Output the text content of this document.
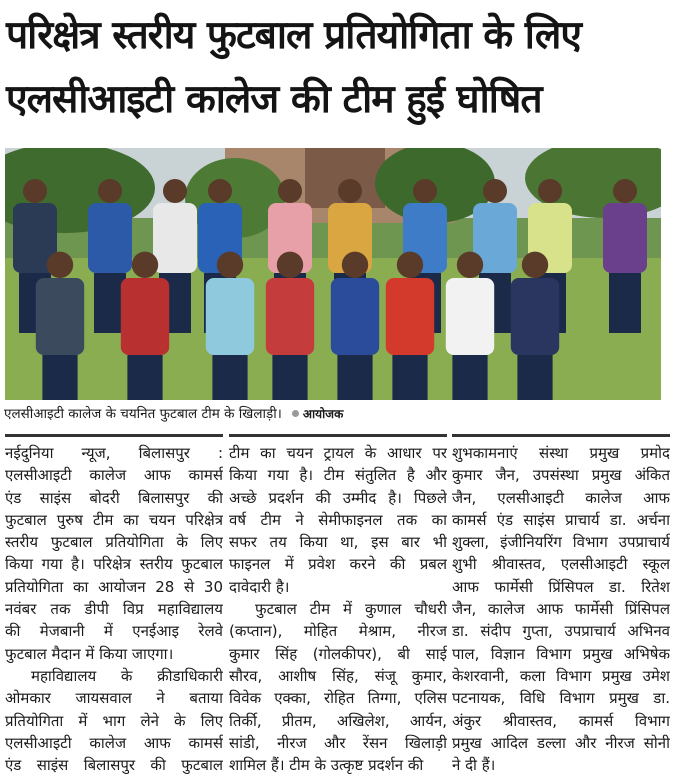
परिक्षेत्र स्तरीय फुटबाल प्रतियोगिता के लिए
एलसीआइटी कालेज की टीम हुई घोषित
एलसीआइटी कालेज के चयनित फुटबाल टीम के खिलाड़ी। आयोजक
नईदुनिया न्यूज, बिलासपुर :
एलसीआइटी कालेज आफ कामर्स
एंड साइंस बोदरी बिलासपुर की
फुटबाल पुरुष टीम का चयन परिक्षेत्र
स्तरीय फुटबाल प्रतियोगिता के लिए
किया गया है। परिक्षेत्र स्तरीय फुटबाल
प्रतियोगिता का आयोजन 28 से 30
नवंबर तक डीपी विप्र महाविद्यालय
की मेजबानी में एनईआइ रेलवे
फुटबाल मैदान में किया जाएगा।
महाविद्यालय के क्रीडाधिकारी
ओमकार जायसवाल ने बताया
प्रतियोगिता में भाग लेने के लिए
एलसीआइटी कालेज आफ कामर्स
एंड साइंस बिलासपुर की फुटबाल
टीम का चयन ट्रायल के आधार पर
किया गया है। टीम संतुलित है और
अच्छे प्रदर्शन की उम्मीद है। पिछले
वर्ष टीम ने सेमीफाइनल तक का
सफर तय किया था, इस बार भी
फाइनल में प्रवेश करने की प्रबल
दावेदारी है।
फुटबाल टीम में कुणाल चौधरी
(कप्तान), मोहित मेश्राम, नीरज
कुमार सिंह (गोलकीपर), बी साई
सौरव, आशीष सिंह, संजू कुमार,
विवेक एक्का, रोहित तिग्गा, एलिस
तिर्की, प्रीतम, अखिलेश, आर्यन,
सांडी, नीरज और रेंसन खिलाड़ी
शामिल हैं। टीम के उत्कृष्ट प्रदर्शन की
शुभकामनाएं संस्था प्रमुख प्रमोद
कुमार जैन, उपसंस्था प्रमुख अंकित
जैन, एलसीआइटी कालेज आफ
कामर्स एंड साइंस प्राचार्य डा. अर्चना
शुक्ला, इंजीनियरिंग विभाग उपप्राचार्य
शुभी श्रीवास्तव, एलसीआइटी स्कूल
आफ फार्मेसी प्रिंसिपल डा. रितेश
जैन, कालेज आफ फार्मेसी प्रिंसिपल
डा. संदीप गुप्ता, उपप्राचार्य अभिनव
पाल, विज्ञान विभाग प्रमुख अभिषेक
केशरवानी, कला विभाग प्रमुख उमेश
पटनायक, विधि विभाग प्रमुख डा.
अंकुर श्रीवास्तव, कामर्स विभाग
प्रमुख आदिल डल्ला और नीरज सोनी
ने दी हैं।
